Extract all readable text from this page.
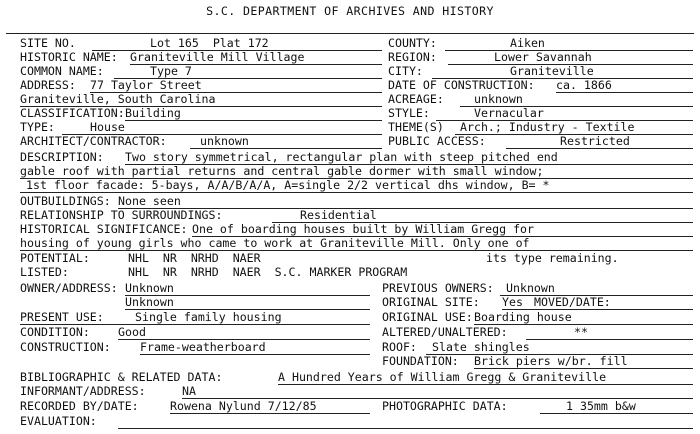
S.C. DEPARTMENT OF ARCHIVES AND HISTORY
SITE NO.	Lot 165  Plat 172	COUNTY:	Aiken
HISTORIC NAME: Graniteville Mill Village	REGION:	Lower Savannah
COMMON NAME:	Type 7	CITY:	Graniteville
ADDRESS: 77 Taylor Street	DATE OF CONSTRUCTION: ca. 1866
Graniteville, South Carolina	ACREAGE:	unknown
CLASSIFICATION: Building	STYLE:	Vernacular
TYPE:	House	THEME(S) Arch.; Industry - Textile
ARCHITECT/CONTRACTOR:	unknown	PUBLIC ACCESS:	Restricted
DESCRIPTION: Two story symmetrical, rectangular plan with steep pitched end
gable roof with partial returns and central gable dormer with small window;
1st floor facade: 5-bays, A/A/B/A/A, A=single 2/2 vertical dhs window, B= *
OUTBUILDINGS: None seen
RELATIONSHIP TO SURROUNDINGS:	Residential
HISTORICAL SIGNIFICANCE: One of boarding houses built by William Gregg for
housing of young girls who came to work at Graniteville Mill. Only one of
POTENTIAL:	NHL  NR  NRHD  NAER	its type remaining.
LISTED:	NHL  NR  NRHD  NAER  S.C. MARKER PROGRAM
OWNER/ADDRESS: Unknown	PREVIOUS OWNERS: Unknown
Unknown	ORIGINAL SITE: Yes MOVED/DATE:
PRESENT USE:	Single family housing	ORIGINAL USE: Boarding house
CONDITION: Good	ALTERED/UNALTERED:	**
CONSTRUCTION:	Frame-weatherboard	ROOF: Slate shingles
FOUNDATION: Brick piers w/br. fill
BIBLIOGRAPHIC & RELATED DATA:	A Hundred Years of William Gregg & Graniteville
INFORMANT/ADDRESS:	NA
RECORDED BY/DATE:	Rowena Nylund 7/12/85	PHOTOGRAPHIC DATA:	1 35mm b&w
EVALUATION:
